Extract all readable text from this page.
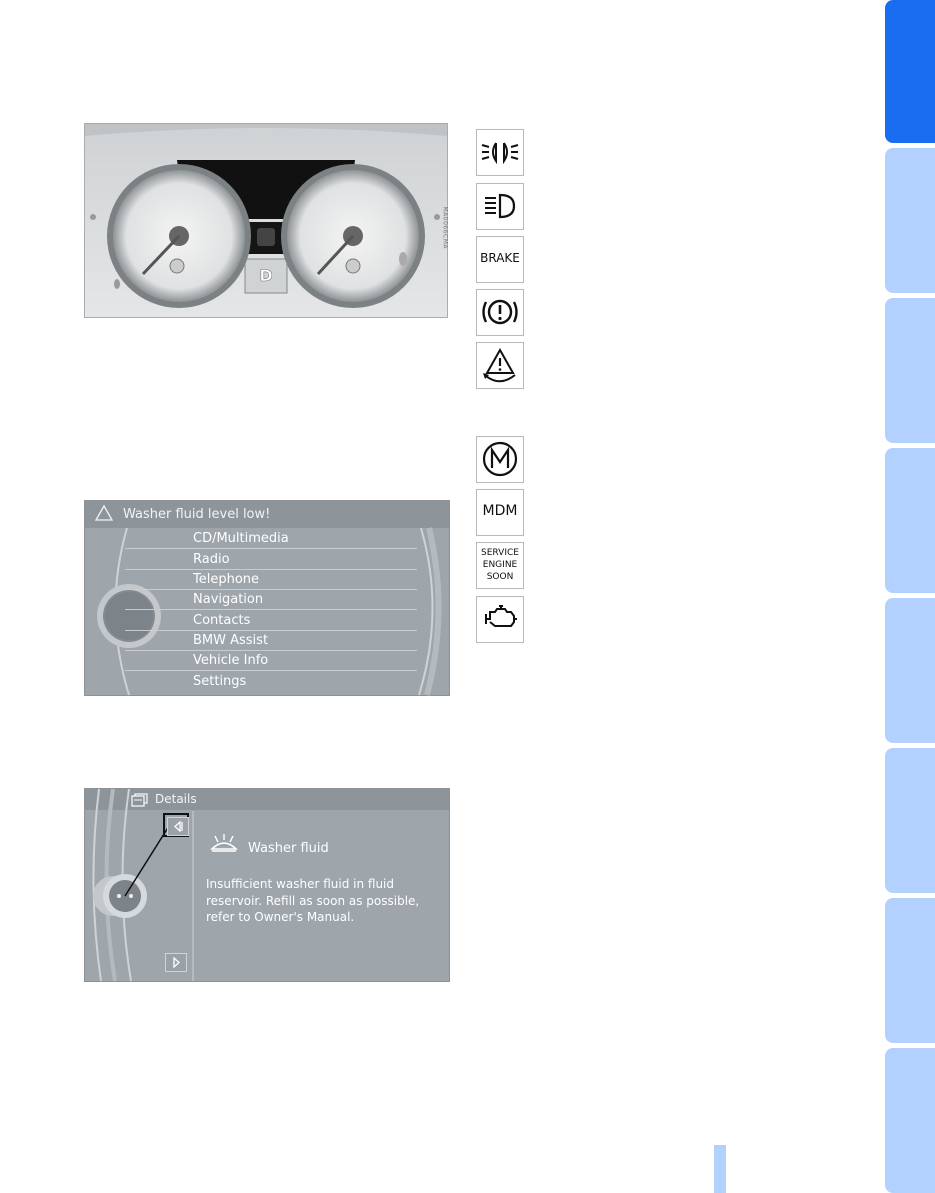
D
MA0066CMA
Washer fluid level low!
CD/Multimedia
Radio
Telephone
Navigation
Contacts
BMW Assist
Vehicle Info
Settings
Details
Washer fluid
Insufficient washer fluid in fluid reservoir. Refill as soon as possible, refer to Owner's Manual.
BRAKE
MDM
SERVICE
ENGINE
SOON
